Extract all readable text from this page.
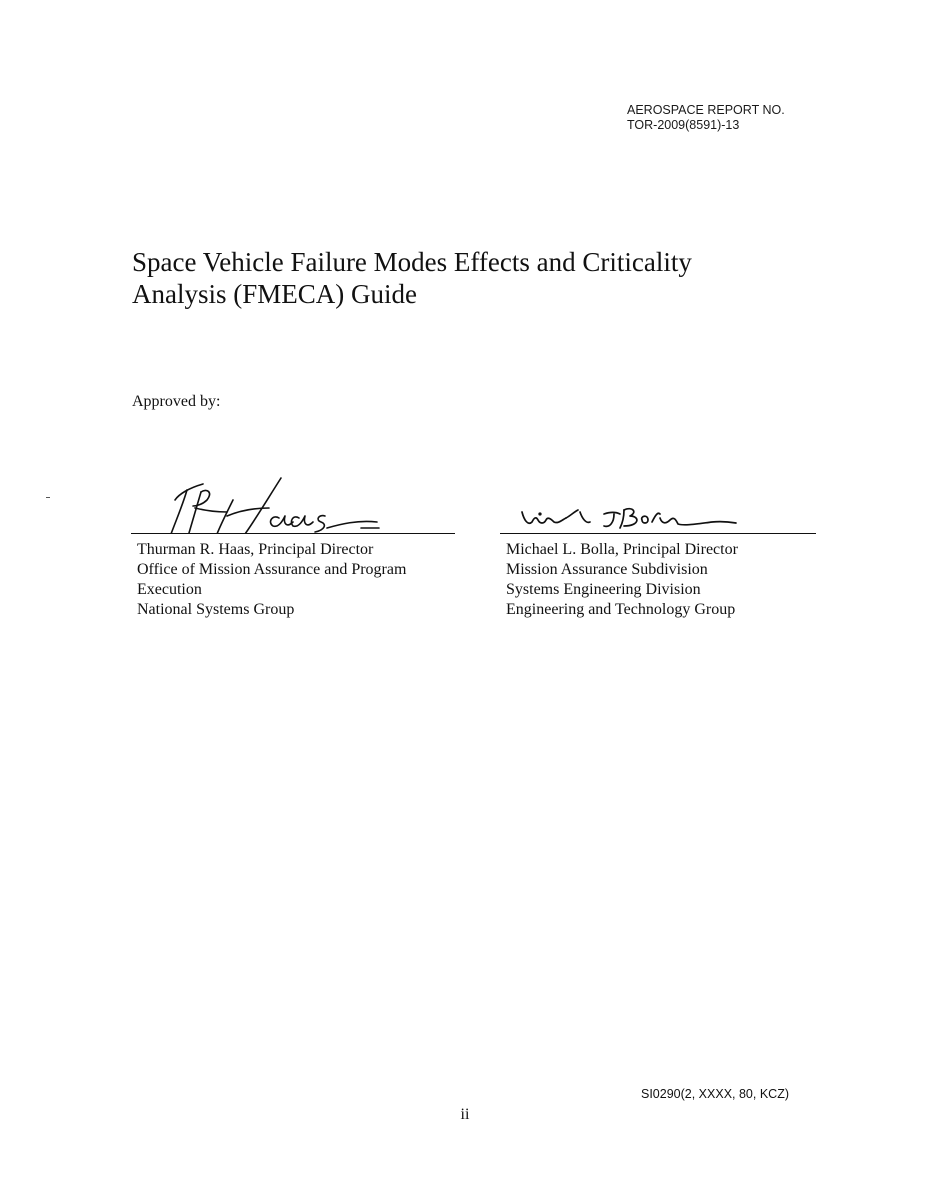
AEROSPACE REPORT NO.
TOR-2009(8591)-13
Space Vehicle Failure Modes Effects and Criticality
Analysis (FMECA) Guide
Approved by:
Thurman R. Haas, Principal Director
Office of Mission Assurance and Program
Execution
National Systems Group
Michael L. Bolla, Principal Director
Mission Assurance Subdivision
Systems Engineering Division
Engineering and Technology Group
SI0290(2, XXXX, 80, KCZ)
ii
